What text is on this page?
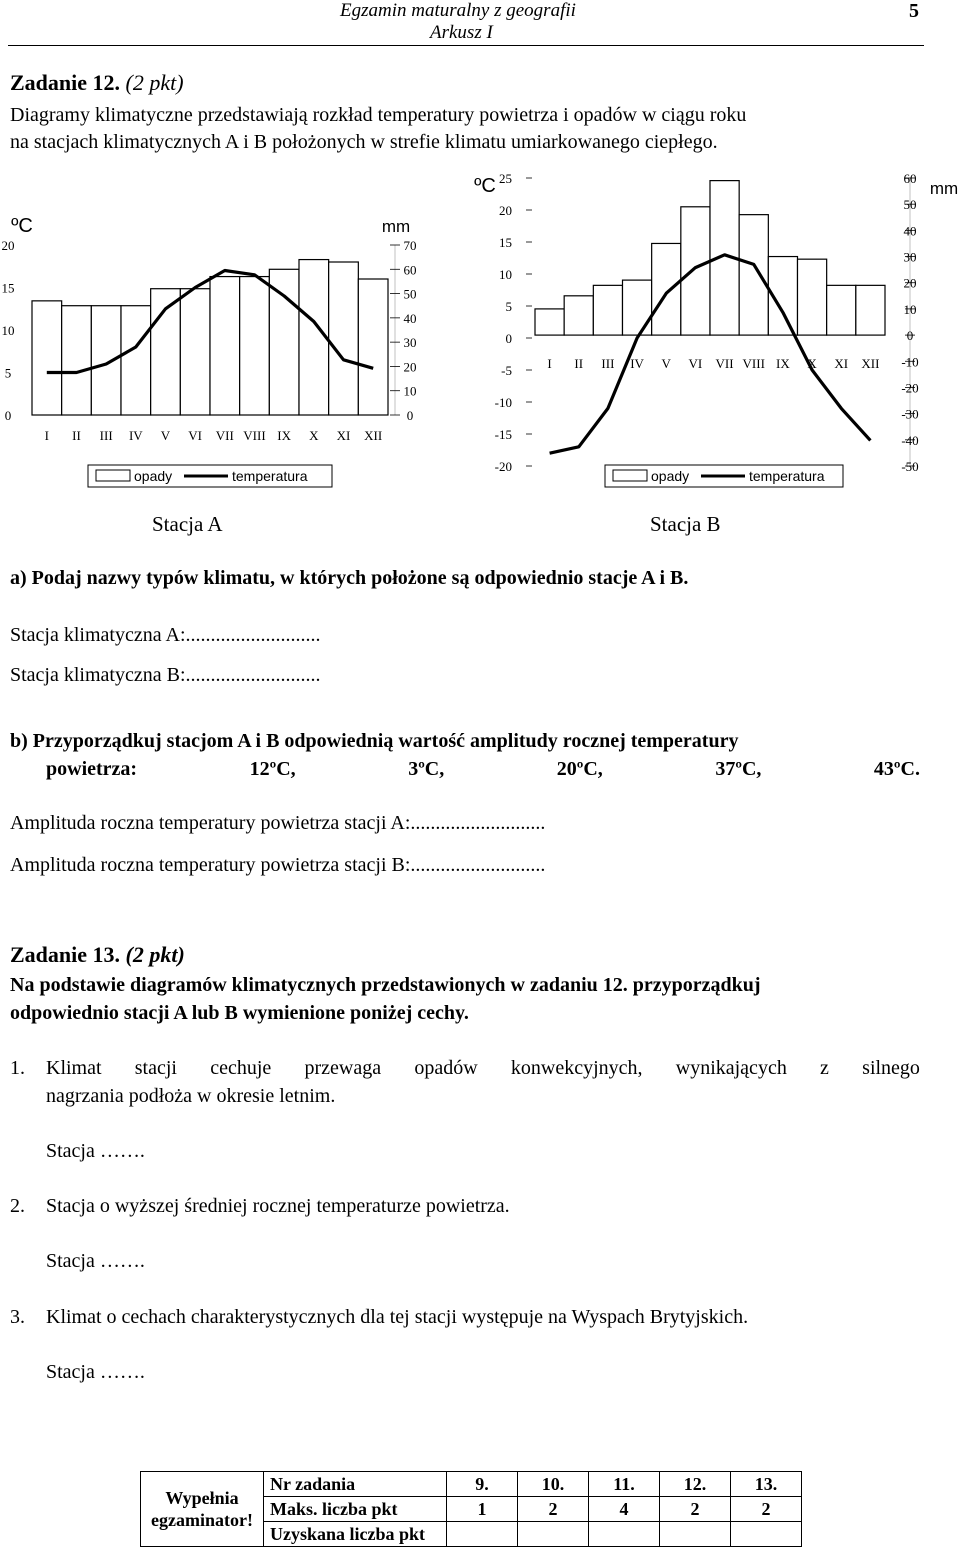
Egzamin maturalny z geografii
Arkusz I
5
Zadanie 12. (2 pkt)
Diagramy klimatyczne przedstawiają rozkład temperatury powietrza i opadów w ciągu roku
na stacjach klimatycznych A i B położonych w strefie klimatu umiarkowanego ciepłego.
0
5
10
15
20
0
10
20
30
40
50
60
70
ºC	mm
I II III IV V VI VII VIII IX X XI XII
opady	temperatura
-20
-15
-10
-5
0
5
10
15
20
25
-50
-40
-30
-20
-10
0
10
20
30
40
50
60
ºC	mm
I II III IV V VI VII VIII IX X XI XII
opady	temperatura
Stacja A	Stacja B
a) Podaj nazwy typów klimatu, w których położone są odpowiednio stacje A i B.
Stacja klimatyczna A:...........................
Stacja klimatyczna B:...........................
b) Przyporządkuj stacjom A i B odpowiednią wartość amplitudy rocznej temperatury
powietrza:	12ºC,	3ºC,	20ºC,	37ºC,	43ºC.
Amplituda roczna temperatury powietrza stacji A:...........................
Amplituda roczna temperatury powietrza stacji B:...........................
Zadanie 13. (2 pkt)
Na podstawie diagramów klimatycznych przedstawionych w zadaniu 12. przyporządkuj
odpowiednio stacji A lub B wymienione poniżej cechy.
1. Klimat stacji cechuje przewaga opadów konwekcyjnych, wynikających z silnego
nagrzania podłoża w okresie letnim.
Stacja …….
2. Stacja o wyższej średniej rocznej temperaturze powietrza.
Stacja …….
3. Klimat o cechach charakterystycznych dla tej stacji występuje na Wyspach Brytyjskich.
Stacja …….
Wypełnia
egzaminator!	Nr zadania	9.	10.	11.	12.	13.
	Maks. liczba pkt	1	2	4	2	2
	Uzyskana liczba pkt					
